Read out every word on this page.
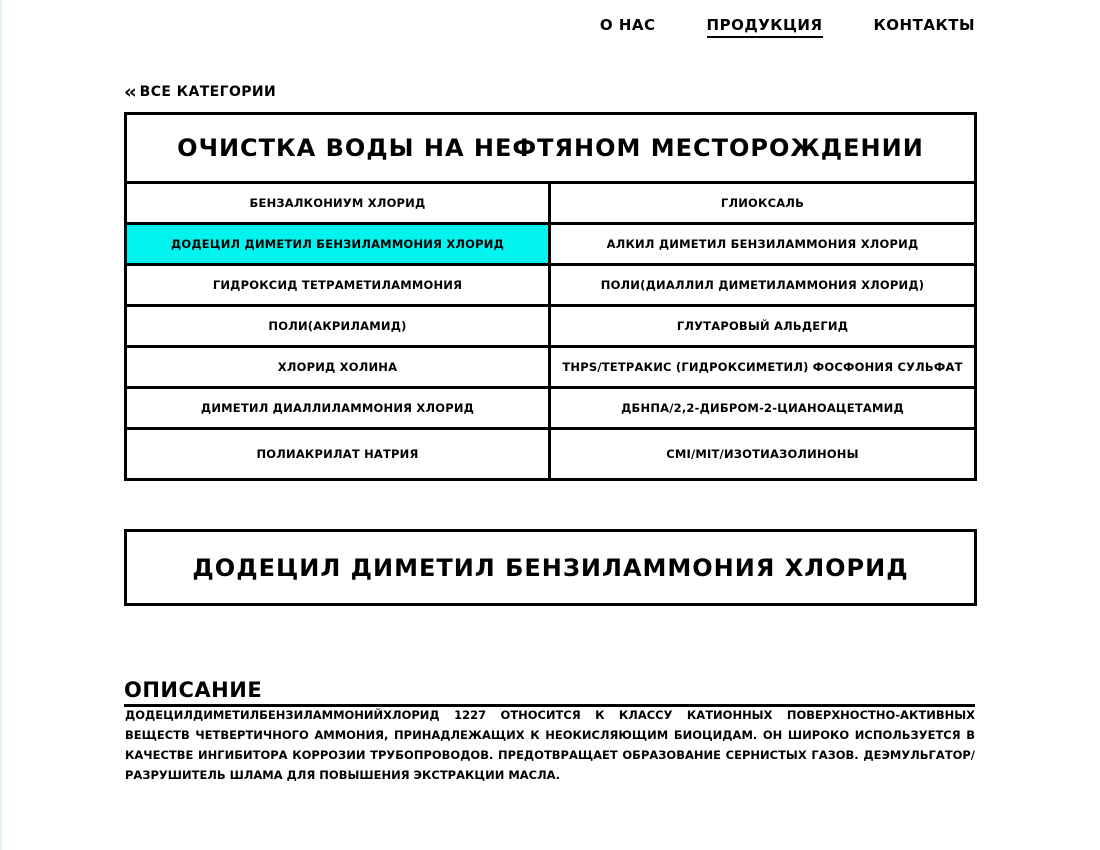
О НАС	ПРОДУКЦИЯ	КОНТАКТЫ
‹‹ ВСЕ КАТЕГОРИИ
ОЧИСТКА ВОДЫ НА НЕФТЯНОМ МЕСТОРОЖДЕНИИ
БЕНЗАЛКОНИУМ ХЛОРИД	ГЛИОКСАЛЬ
ДОДЕЦИЛ ДИМЕТИЛ БЕНЗИЛАММОНИЯ ХЛОРИД	АЛКИЛ ДИМЕТИЛ БЕНЗИЛАММОНИЯ ХЛОРИД
ГИДРОКСИД ТЕТРАМЕТИЛАММОНИЯ	ПОЛИ(ДИАЛЛИЛ ДИМЕТИЛАММОНИЯ ХЛОРИД)
ПОЛИ(АКРИЛАМИД)	ГЛУТАРОВЫЙ АЛЬДЕГИД
ХЛОРИД ХОЛИНА	THPS/ТЕТРАКИС (ГИДРОКСИМЕТИЛ) ФОСФОНИЯ СУЛЬФАТ
ДИМЕТИЛ ДИАЛЛИЛАММОНИЯ ХЛОРИД	ДБНПА/2,2-ДИБРОМ-2-ЦИАНОАЦЕТАМИД
ПОЛИАКРИЛАТ НАТРИЯ	CMI/MIT/ИЗОТИАЗОЛИНОНЫ
ДОДЕЦИЛ ДИМЕТИЛ БЕНЗИЛАММОНИЯ ХЛОРИД
ОПИСАНИЕ

ДОДЕЦИЛДИМЕТИЛБЕНЗИЛАММОНИЙХЛОРИД 1227 ОТНОСИТСЯ К КЛАССУ КАТИОННЫХ ПОВЕРХНОСТНО-АКТИВНЫХ ВЕЩЕСТВ ЧЕТВЕРТИЧНОГО АММОНИЯ, ПРИНАДЛЕЖАЩИХ К НЕОКИСЛЯЮЩИМ БИОЦИДАМ. ОН ШИРОКО ИСПОЛЬЗУЕТСЯ В КАЧЕСТВЕ ИНГИБИТОРА КОРРОЗИИ ТРУБОПРОВОДОВ. ПРЕДОТВРАЩАЕТ ОБРАЗОВАНИЕ СЕРНИСТЫХ ГАЗОВ. ДЕЭМУЛЬГАТОР/РАЗРУШИТЕЛЬ ШЛАМА ДЛЯ ПОВЫШЕНИЯ ЭКСТРАКЦИИ МАСЛА.
